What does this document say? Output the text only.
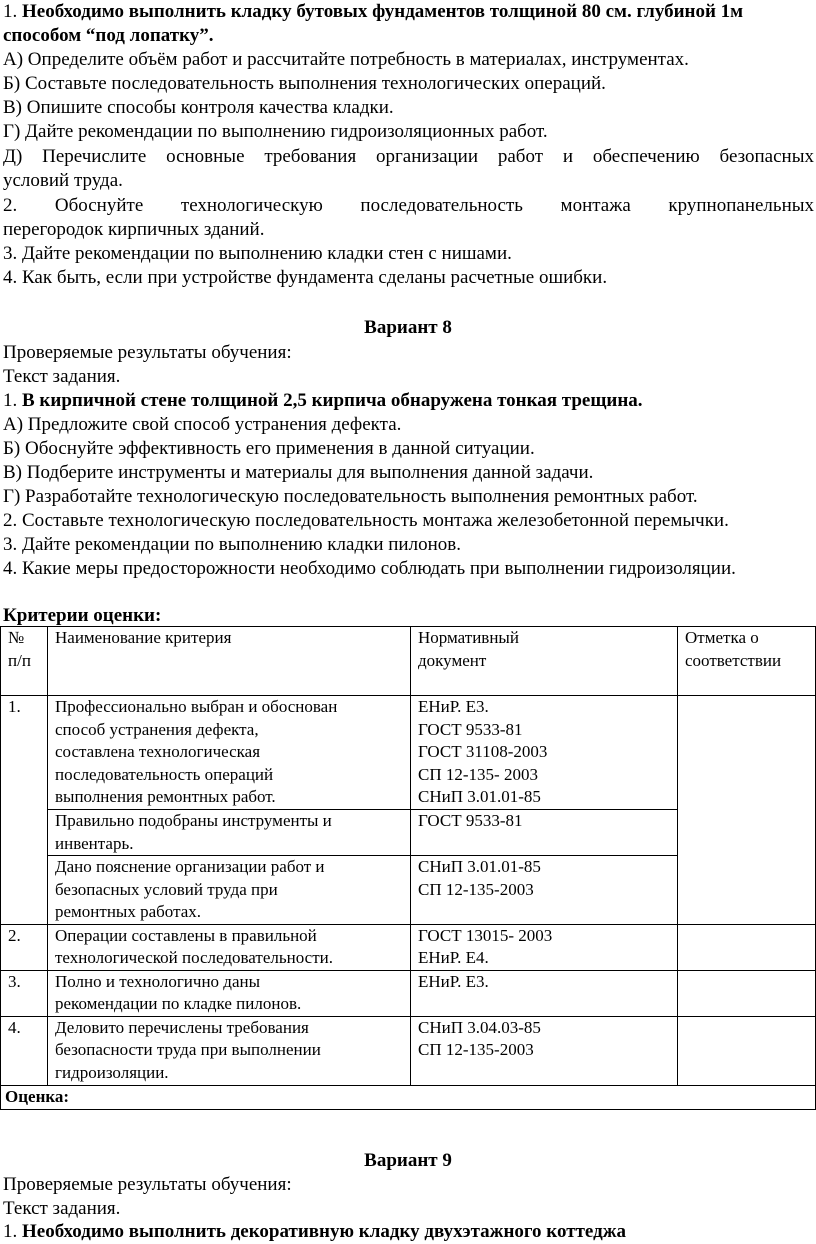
1. Необходимо выполнить кладку бутовых фундаментов толщиной 80 см. глубиной 1м
способом “под лопатку”.
А) Определите объём работ и рассчитайте потребность в материалах, инструментах.
Б) Составьте последовательность выполнения технологических операций.
В) Опишите способы контроля качества кладки.
Г) Дайте рекомендации по выполнению гидроизоляционных работ.
Д) Перечислите основные требования организации работ и обеспечению безопасных
условий труда.
2. Обоснуйте технологическую последовательность монтажа крупнопанельных
перегородок кирпичных зданий.
3. Дайте рекомендации по выполнению кладки стен с нишами.
4. Как быть, если при устройстве фундамента сделаны расчетные ошибки.
Вариант 8
Проверяемые результаты обучения:
Текст задания.
1. В кирпичной стене толщиной 2,5 кирпича обнаружена тонкая трещина.
А) Предложите свой способ устранения дефекта.
Б) Обоснуйте эффективность его применения в данной ситуации.
В) Подберите инструменты и материалы для выполнения данной задачи.
Г) Разработайте технологическую последовательность выполнения ремонтных работ.
2. Составьте технологическую последовательность монтажа железобетонной перемычки.
3. Дайте рекомендации по выполнению кладки пилонов.
4. Какие меры предосторожности необходимо соблюдать при выполнении гидроизоляции.
Критерии оценки:
№
п/п	Наименование критерия	Нормативный
документ	Отметка о
соответствии
1.	Профессионально выбран и обоснован
способ устранения дефекта,
составлена технологическая
последовательность операций
выполнения ремонтных работ.	ЕНиР. Е3.
ГОСТ 9533-81
ГОСТ 31108-2003
СП 12-135- 2003
СНиП 3.01.01-85	
	Правильно подобраны инструменты и
инвентарь.	ГОСТ 9533-81	
	Дано пояснение организации работ и
безопасных условий труда при
ремонтных работах.	СНиП 3.01.01-85
СП 12-135-2003	
2.	Операции составлены в правильной
технологической последовательности.	ГОСТ 13015- 2003
ЕНиР. Е4.	
3.	Полно и технологично даны
рекомендации по кладке пилонов.	ЕНиР. Е3.	
4.	Деловито перечислены требования
безопасности труда при выполнении
гидроизоляции.	СНиП 3.04.03-85
СП 12-135-2003	
Оценка:			
Вариант 9
Проверяемые результаты обучения:
Текст задания.
1. Необходимо выполнить декоративную кладку двухэтажного коттеджа
